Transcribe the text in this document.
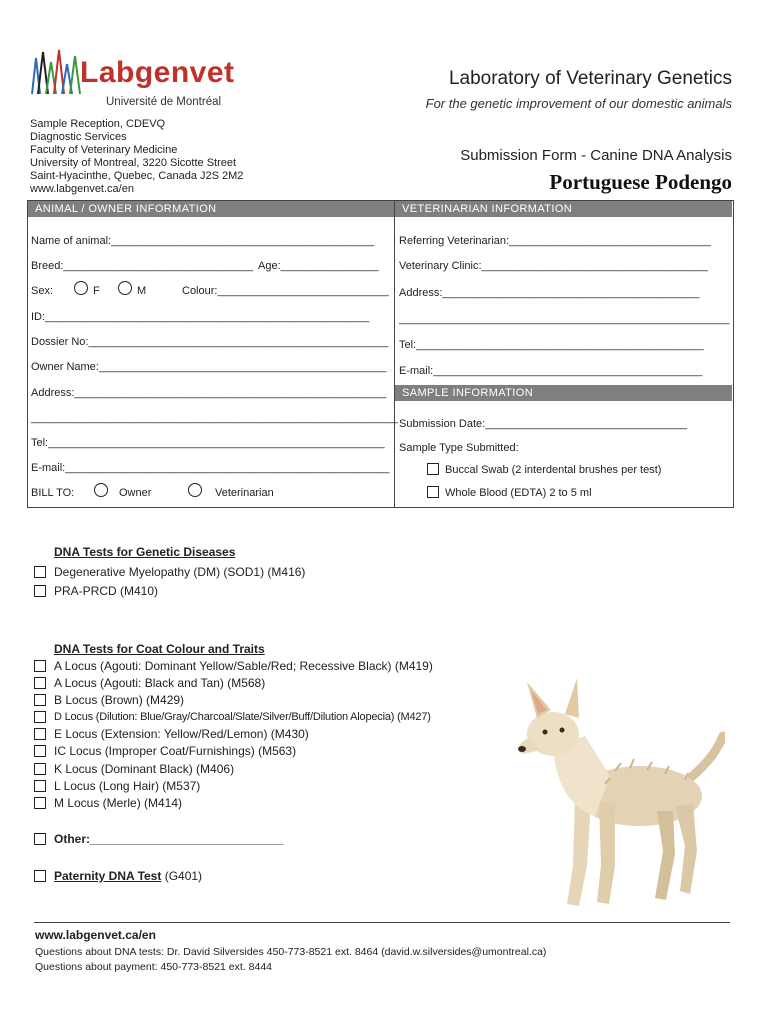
Labgenvet
Université de Montréal
Laboratory of Veterinary Genetics
For the genetic improvement of our domestic animals
Sample Reception, CDEVQ
Diagnostic Services
Faculty of Veterinary Medicine
University of Montreal, 3220 Sicotte Street
Saint-Hyacinthe, Quebec, Canada J2S 2M2
www.labgenvet.ca/en
Submission Form - Canine DNA Analysis
Portuguese Podengo
ANIMAL / OWNER INFORMATION	VETERINARIAN INFORMATION
Name of animal:___________________________________________
Breed:_______________________________ Age:________________
Sex:	F	M	Colour:____________________________
ID:_____________________________________________________
Dossier No:_________________________________________________
Owner Name:_______________________________________________
Address:___________________________________________________
____________________________________________________________
Tel:_______________________________________________________
E-mail:_____________________________________________________
BILL TO:	Owner	Veterinarian
Referring Veterinarian:_________________________________
Veterinary Clinic:_____________________________________
Address:__________________________________________
______________________________________________________
Tel:_______________________________________________
E-mail:____________________________________________
SAMPLE INFORMATION
Submission Date:_________________________________
Sample Type Submitted:
Buccal Swab (2 interdental brushes per test)
Whole Blood (EDTA) 2 to 5 ml
DNA Tests for Genetic Diseases
Degenerative Myelopathy (DM) (SOD1) (M416)
PRA-PRCD (M410)
DNA Tests for Coat Colour and Traits
A Locus (Agouti: Dominant Yellow/Sable/Red; Recessive Black) (M419)
A Locus (Agouti: Black and Tan) (M568)
B Locus (Brown) (M429)
D Locus (Dilution: Blue/Gray/Charcoal/Slate/Silver/Buff/Dilution Alopecia) (M427)
E Locus (Extension: Yellow/Red/Lemon) (M430)
IC Locus (Improper Coat/Furnishings) (M563)
K Locus (Dominant Black) (M406)
L Locus (Long Hair) (M537)
M Locus (Merle) (M414)
Other:_____________________________
Paternity DNA Test (G401)
www.labgenvet.ca/en
Questions about DNA tests: Dr. David Silversides 450-773-8521 ext. 8464 (david.w.silversides@umontreal.ca)
Questions about payment: 450-773-8521 ext. 8444
